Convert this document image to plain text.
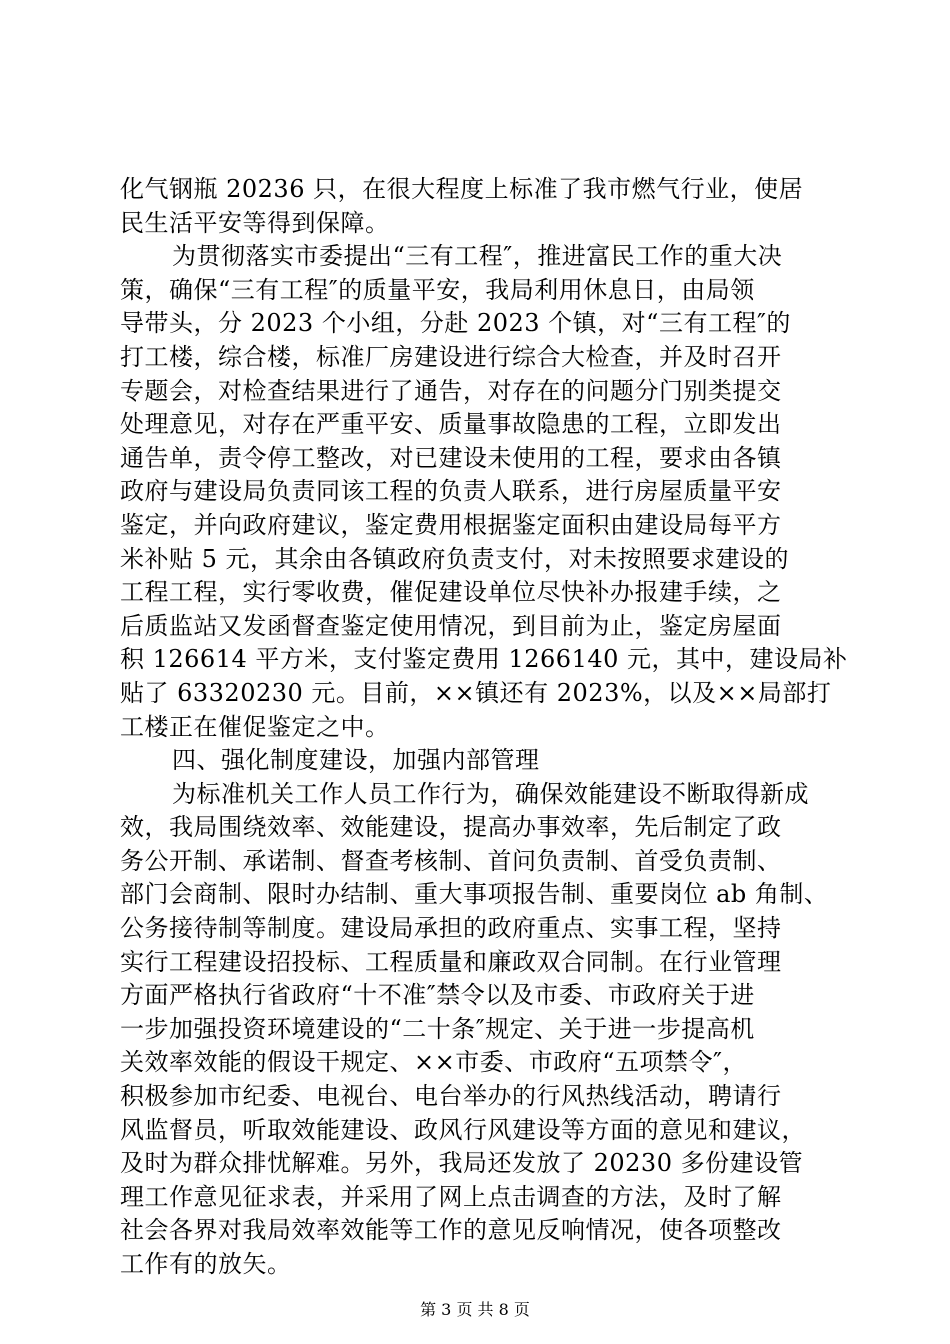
化气钢瓶 20236 只，在很大程度上标准了我市燃气行业，使居
民生活平安等得到保障。
为贯彻落实市委提出“三有工程″，推进富民工作的重大决
策，确保“三有工程″的质量平安，我局利用休息日，由局领
导带头，分 2023 个小组，分赴 2023 个镇，对“三有工程″的
打工楼，综合楼，标准厂房建设进行综合大检查，并及时召开
专题会，对检查结果进行了通告，对存在的问题分门别类提交
处理意见，对存在严重平安、质量事故隐患的工程，立即发出
通告单，责令停工整改，对已建设未使用的工程，要求由各镇
政府与建设局负责同该工程的负责人联系，进行房屋质量平安
鉴定，并向政府建议，鉴定费用根据鉴定面积由建设局每平方
米补贴 5 元，其余由各镇政府负责支付，对未按照要求建设的
工程工程，实行零收费，催促建设单位尽快补办报建手续，之
后质监站又发函督查鉴定使用情况，到目前为止，鉴定房屋面
积 126614 平方米，支付鉴定费用 1266140 元，其中，建设局补
贴了 63320230 元。目前，××镇还有 2023%，以及××局部打
工楼正在催促鉴定之中。
四、强化制度建设，加强内部管理
为标准机关工作人员工作行为，确保效能建设不断取得新成
效，我局围绕效率、效能建设，提高办事效率，先后制定了政
务公开制、承诺制、督查考核制、首问负责制、首受负责制、
部门会商制、限时办结制、重大事项报告制、重要岗位 ab 角制、
公务接待制等制度。建设局承担的政府重点、实事工程，坚持
实行工程建设招投标、工程质量和廉政双合同制。在行业管理
方面严格执行省政府“十不准″禁令以及市委、市政府关于进
一步加强投资环境建设的“二十条″规定、关于进一步提高机
关效率效能的假设干规定、××市委、市政府“五项禁令″，
积极参加市纪委、电视台、电台举办的行风热线活动，聘请行
风监督员，听取效能建设、政风行风建设等方面的意见和建议，
及时为群众排忧解难。另外，我局还发放了 20230 多份建设管
理工作意见征求表，并采用了网上点击调查的方法，及时了解
社会各界对我局效率效能等工作的意见反响情况，使各项整改
工作有的放矢。
第 3 页 共 8 页
